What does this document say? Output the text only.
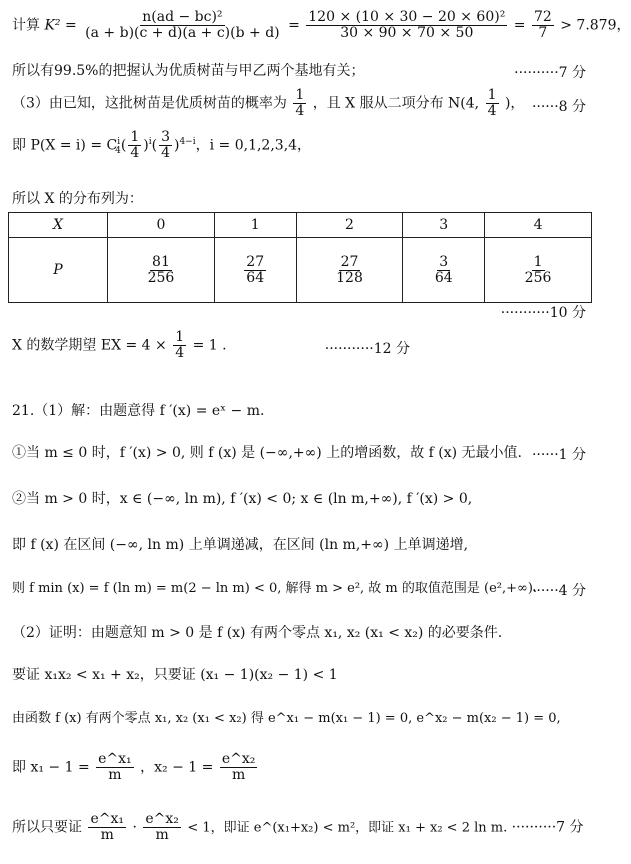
计算 $K^2 = \frac{\text{n(ad − bc)²}}{(a + b)(c + d)(a + c)(b + d)} = \frac{\text{120 × (10 × 30 − 20 × 60)²}}{30 \times 90 \times 70 \times 50} = \frac{72}{7} > 7.879$，
所以有99.5%的把握认为优质树苗与甲乙两个基地有关；	··········7 分
（3）由已知，这批树苗是优质树苗的概率为 $\frac{1}{4}$ ，且 X 服从二项分布 N(4, $\frac{1}{4}$ )， ······8 分
即 $P(X = i) = C^i_4( \frac{1}{4} )^i( \frac{3}{4} )^{4-i}$，i = 0,1,2,3,4，
所以 X 的分布列为：
X	0	1	2	3	4
P	$\frac{81}{256}$	$\frac{27}{64}$	$\frac{27}{128}$	$\frac{3}{64}$	$\frac{1}{256}$
···········10 分
X 的数学期望 EX = $4 \times \frac{1}{4} = 1$ .	···········12 分
21.（1）解：由题意得 f ′(x) = eˣ − m.
①当 m ≤ 0 时，f ′(x) > 0, 则 f (x) 是 (−∞,+∞) 上的增函数，故 f (x) 无最小值. ······1 分
②当 m > 0 时，x ∈ (−∞, ln m), f ′(x) < 0; x ∈ (ln m,+∞), f ′(x) > 0,
即 f (x) 在区间 (−∞, ln m) 上单调递减，在区间 (ln m,+∞) 上单调递增,
则 f min (x) = f (ln m) = m(2 − ln m) < 0, 解得 m > e², 故 m 的取值范围是 (e²,+∞).
······4 分
（2）证明：由题意知 m > 0 是 f (x) 有两个零点 x₁, x₂ (x₁ < x₂) 的必要条件.
要证 x₁x₂ < x₁ + x₂，只要证 (x₁ − 1)(x₂ − 1) < 1
由函数 f (x) 有两个零点 x₁, x₂ (x₁ < x₂) 得 e^x₁ − m(x₁ − 1) = 0, e^x₂ − m(x₂ − 1) = 0,
即 $x_1 - 1 = \frac{\text{e\textasciicircum{}x₁}}{m}$ ，$x_2 - 1 = \frac{\text{e\textasciicircum{}x₂}}{m}$
所以只要证 $\frac{\text{e\textasciicircum{}x₁}}{m} \cdot \frac{\text{e\textasciicircum{}x₂}}{m} < 1$，即证 e^(x₁+x₂) < m²，即证 x₁ + x₂ < 2 ln m. ··········7 分
